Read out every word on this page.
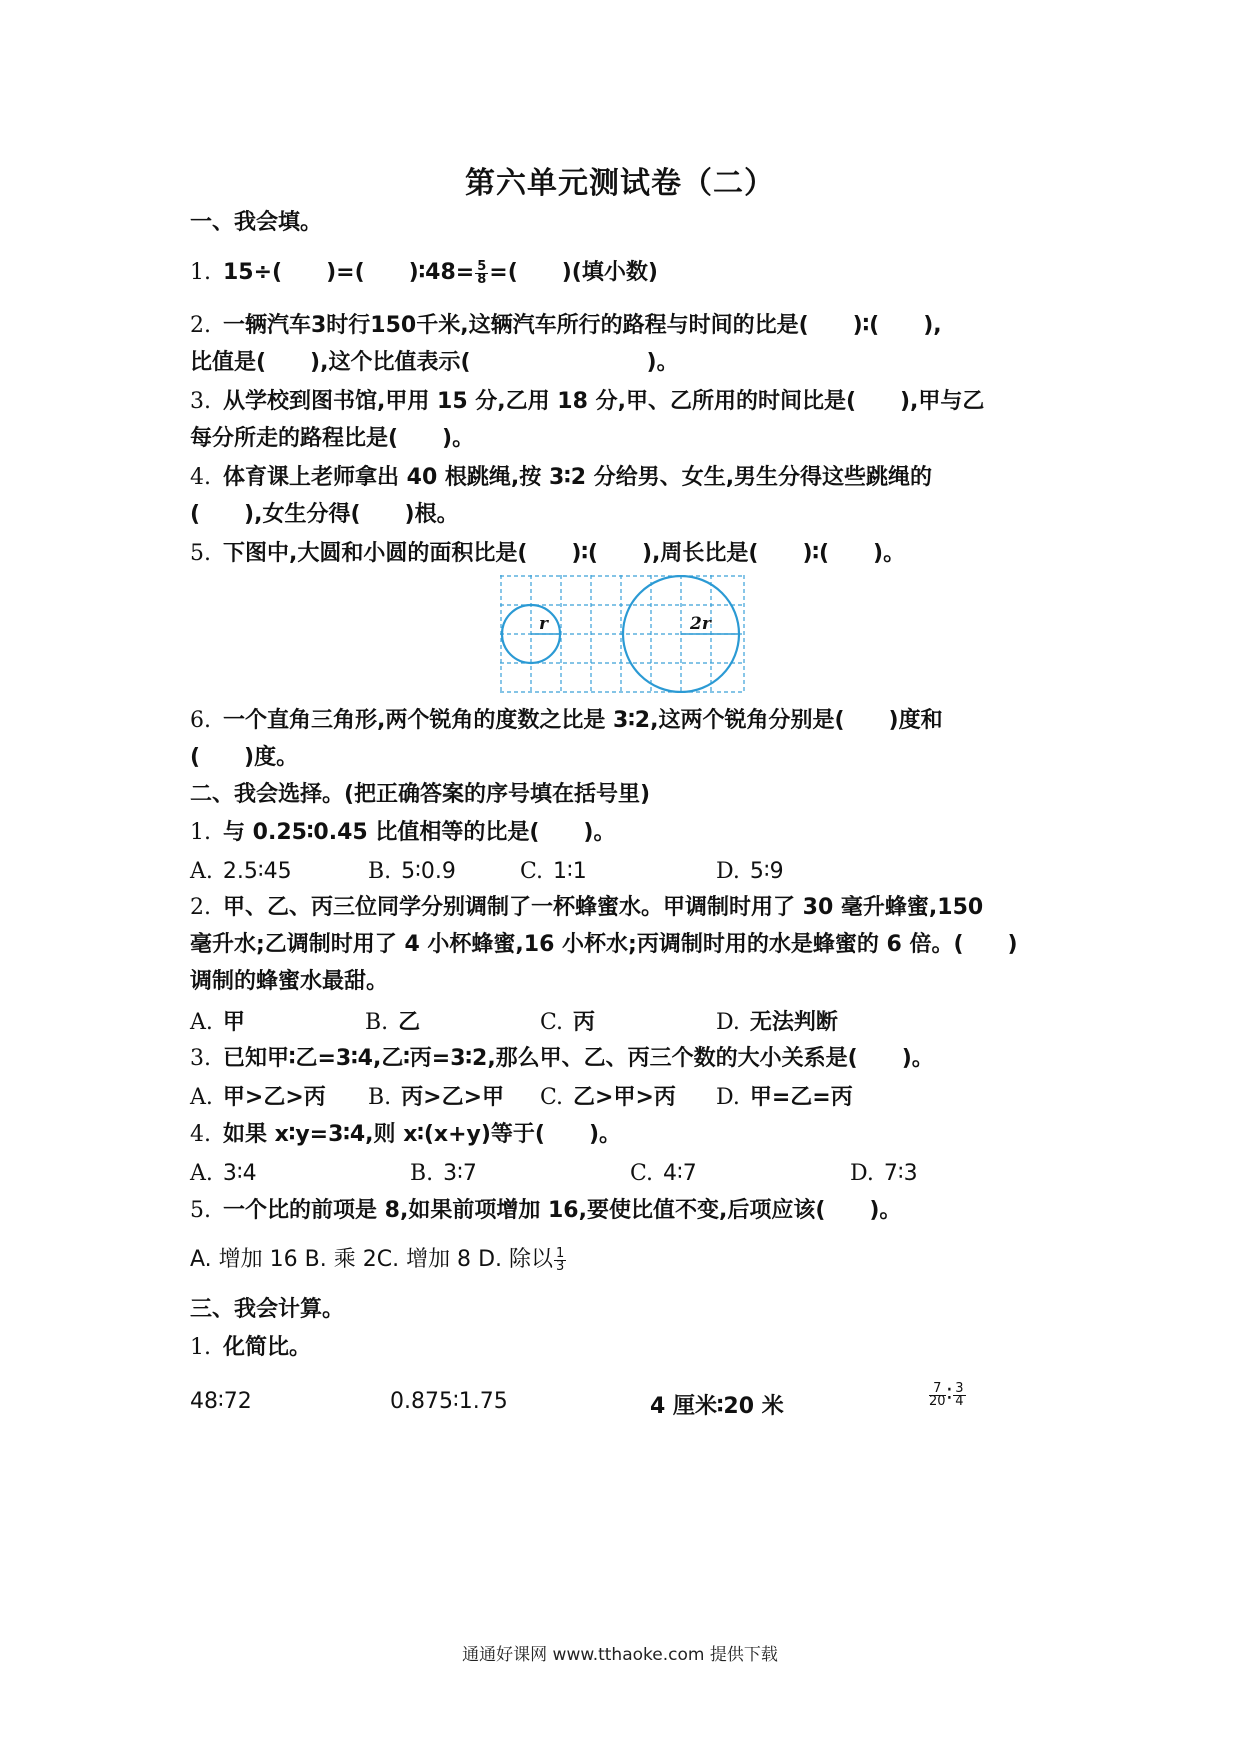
第六单元测试卷（二）
一、我会填。
1. 15÷(　　)=(　　)∶48= $\frac{5}{8}$ =(　　)(填小数)
2. 一辆汽车3时行150千米,这辆汽车所行的路程与时间的比是(　　)∶(　　),
比值是(　　),这个比值表示(　　　　　　　　)。
3. 从学校到图书馆,甲用 15 分,乙用 18 分,甲、乙所用的时间比是(　　),甲与乙
每分所走的路程比是(　　)。
4. 体育课上老师拿出 40 根跳绳,按 3∶2 分给男、女生,男生分得这些跳绳的
(　　),女生分得(　　)根。
5. 下图中,大圆和小圆的面积比是(　　)∶(　　),周长比是(　　)∶(　　)。
r	2r
6. 一个直角三角形,两个锐角的度数之比是 3∶2,这两个锐角分别是(　　)度和
(　　)度。
二、我会选择。(把正确答案的序号填在括号里)
1. 与 0.25∶0.45 比值相等的比是(　　)。
A. 2.5∶45	B. 5∶0.9	C. 1∶1	D. 5∶9
2. 甲、乙、丙三位同学分别调制了一杯蜂蜜水。甲调制时用了 30 毫升蜂蜜,150
毫升水;乙调制时用了 4 小杯蜂蜜,16 小杯水;丙调制时用的水是蜂蜜的 6 倍。(　　)
调制的蜂蜜水最甜。
A. 甲	B. 乙	C. 丙	D. 无法判断
3. 已知甲∶乙=3∶4,乙∶丙=3∶2,那么甲、乙、丙三个数的大小关系是(　　)。
A. 甲>乙>丙 B. 丙>乙>甲 C. 乙>甲>丙 D. 甲=乙=丙
4. 如果 x∶y=3∶4,则 x∶(x+y)等于(　　)。
A. 3∶4	B. 3∶7	C. 4∶7	D. 7∶3
5. 一个比的前项是 8,如果前项增加 16,要使比值不变,后项应该(　　)。
A. 增加 16 B. 乘 2C. 增加 8 D. 除以 $\frac{1}{3}$
三、我会计算。
1. 化简比。
48∶72	0.875∶1.75	4 厘米∶20 米	$\frac{7}{20}$ ∶ $\frac{3}{4}$
通通好课网 www.tthaoke.com 提供下载
